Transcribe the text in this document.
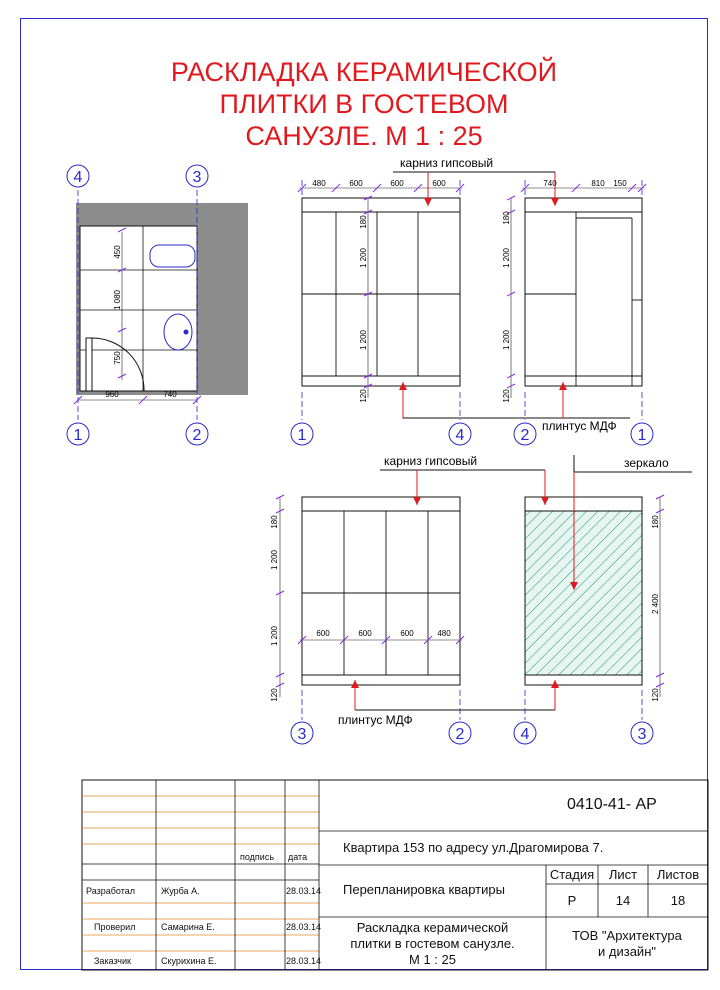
РАСКЛАДКА КЕРАМИЧЕСКОЙ
ПЛИТКИ В ГОСТЕВОМ
САНУЗЛЕ. М 1 : 25
960	740
450
1 080
750
4	3
1	2
480	600	600	600
180
1 200
1 200
120
740	810 150
180
1 200
1 200
120
карниз гипсовый
плинтус МДФ
1	4	2	1
600	600	600	480
180
1 200
1 200
120
180
2 400
120
карниз гипсовый	зеркало
плинтус МДФ
3	2	4	3
0410-41- АР
подпись дата
Разработал	Журба А.	28.03.14
Проверил	Самарина Е.	28.03.14
Заказчик	Скурихина Е.	28.03.14
Квартира 153 по адресу ул.Драгомирова 7.
Перепланировка квартиры
Стадия	Лист	Листов
Р	14	18
Раскладка керамической
плитки в гостевом санузле.
М 1 : 25
ТОВ "Архитектура
и дизайн"
